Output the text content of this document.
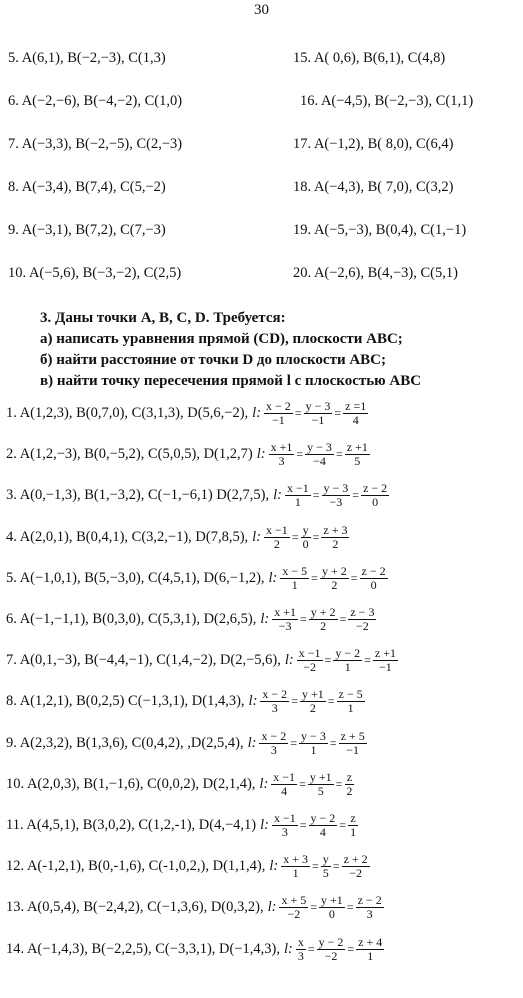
30
5. A(6,1), B(−2,−3), C(1,3)	15. A( 0,6), B(6,1), C(4,8)
6. A(−2,−6), B(−4,−2), C(1,0)	16. A(−4,5), B(−2,−3), C(1,1)
7. A(−3,3), B(−2,−5), C(2,−3)	17. A(−1,2), B( 8,0), C(6,4)
8. A(−3,4), B(7,4), C(5,−2)	18. A(−4,3), B( 7,0), C(3,2)
9. A(−3,1), B(7,2), C(7,−3)	19. A(−5,−3), B(0,4), C(1,−1)
10. A(−5,6), B(−3,−2), C(2,5)	20. A(−2,6), B(4,−3), C(5,1)
3. Даны точки A, B, C, D. Требуется:
а) написать уравнения прямой (CD), плоскости ABC;
б) найти расстояние от точки D до плоскости ABC;
в) найти точку пересечения прямой l с плоскостью ABC
1. A(1,2,3), B(0,7,0), C(3,1,3), D(5,6,−2), l: $\frac{x - 2}{-1} = \frac{y - 3}{-1} = \frac{z =1}{4}$
2. A(1,2,−3), B(0,−5,2), C(5,0,5), D(1,2,7) l: $\frac{x +1}{3} = \frac{y - 3}{-4} = \frac{z +1}{5}$
3. A(0,−1,3), B(1,−3,2), C(−1,−6,1) D(2,7,5), l: $\frac{x -1}{1} = \frac{y - 3}{-3} = \frac{z - 2}{0}$
4. A(2,0,1), B(0,4,1), C(3,2,−1), D(7,8,5), l: $\frac{x -1}{2} = \frac{y}{0} = \frac{z + 3}{2}$
5. A(−1,0,1), B(5,−3,0), C(4,5,1), D(6,−1,2), l: $\frac{x - 5}{1} = \frac{y + 2}{2} = \frac{z - 2}{0}$
6. A(−1,−1,1), B(0,3,0), C(5,3,1), D(2,6,5), l: $\frac{x +1}{-3} = \frac{y + 2}{2} = \frac{z - 3}{-2}$
7. A(0,1,−3), B(−4,4,−1), C(1,4,−2), D(2,−5,6), l: $\frac{x -1}{-2} = \frac{y - 2}{1} = \frac{z +1}{-1}$
8. A(1,2,1), B(0,2,5) C(−1,3,1), D(1,4,3), l: $\frac{x - 2}{3} = \frac{y +1}{2} = \frac{z - 5}{1}$
9. A(2,3,2), B(1,3,6), C(0,4,2), ,D(2,5,4), l: $\frac{x - 2}{3} = \frac{y - 3}{1} = \frac{z + 5}{-1}$
10. A(2,0,3), B(1,−1,6), C(0,0,2), D(2,1,4), l: $\frac{x -1}{4} = \frac{y +1}{5} = \frac{z}{2}$
11. A(4,5,1), B(3,0,2), C(1,2,-1), D(4,−4,1) l: $\frac{x -1}{3} = \frac{y - 2}{4} = \frac{z}{1}$
12. A(-1,2,1), B(0,-1,6), C(-1,0,2,), D(1,1,4), l: $\frac{x + 3}{1} = \frac{y}{5} = \frac{z + 2}{-2}$
13. A(0,5,4), B(−2,4,2), C(−1,3,6), D(0,3,2), l: $\frac{x + 5}{-2} = \frac{y +1}{0} = \frac{z - 2}{3}$
14. A(−1,4,3), B(−2,2,5), C(−3,3,1), D(−1,4,3), l: $\frac{x}{3} = \frac{y - 2}{-2} = \frac{z + 4}{1}$
